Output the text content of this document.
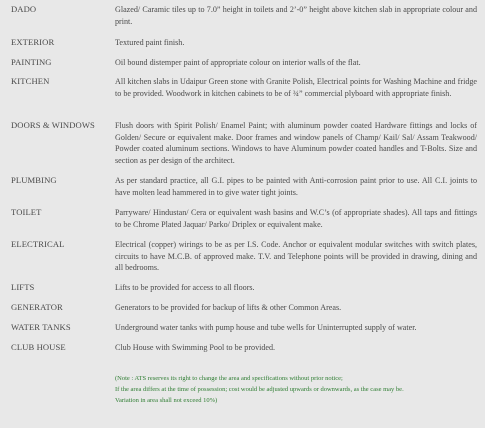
DADO	Glazed/ Caramic tiles up to 7.0” height in toilets and 2’-0” height above kitchen slab in appropriate colour and print.
EXTERIOR	Textured paint finish.
PAINTING	Oil bound distemper paint of appropriate colour on interior walls of the flat.
KITCHEN	All kitchen slabs in Udaipur Green stone with Granite Polish, Electrical points for Washing Machine and fridge to be provided. Woodwork in kitchen cabinets to be of ¾” commercial plyboard with appropriate finish.
DOORS & WINDOWS	Flush doors with Spirit Polish/ Enamel Paint; with aluminum powder coated Hardware fittings and locks of Golden/ Secure or equivalent make. Door frames and window panels of Champ/ Kail/ Sal/ Assam Teakwood/ Powder coated aluminum sections. Windows to have Aluminum powder coated handles and T-Bolts. Size and section as per design of the architect.
PLUMBING	As per standard practice, all G.I. pipes to be painted with Anti-corrosion paint prior to use. All C.I. joints to have molten lead hammered in to give water tight joints.
TOILET	Parryware/ Hindustan/ Cera or equivalent wash basins and W.C’s (of appropriate shades). All taps and fittings to be Chrome Plated Jaquar/ Parko/ Driplex or equivalent make.
ELECTRICAL	Electrical (copper) wirings to be as per I.S. Code. Anchor or equivalent modular switches with switch plates, circuits to have M.C.B. of approved make. T.V. and Telephone points will be provided in drawing, dining and all bedrooms.
LIFTS	Lifts to be provided for access to all floors.
GENERATOR	Generators to be provided for backup of lifts & other Common Areas.
WATER TANKS	Underground water tanks with pump house and tube wells for Uninterrupted supply of water.
CLUB HOUSE	Club House with Swimming Pool to be provided.
(Note : ATS reserves its right to change the area and specifications without prior notice;
If the area differs at the time of possession; cost would be adjusted upwards or downwards, as the case may be.
Variation in area shall not exceed 10%)
